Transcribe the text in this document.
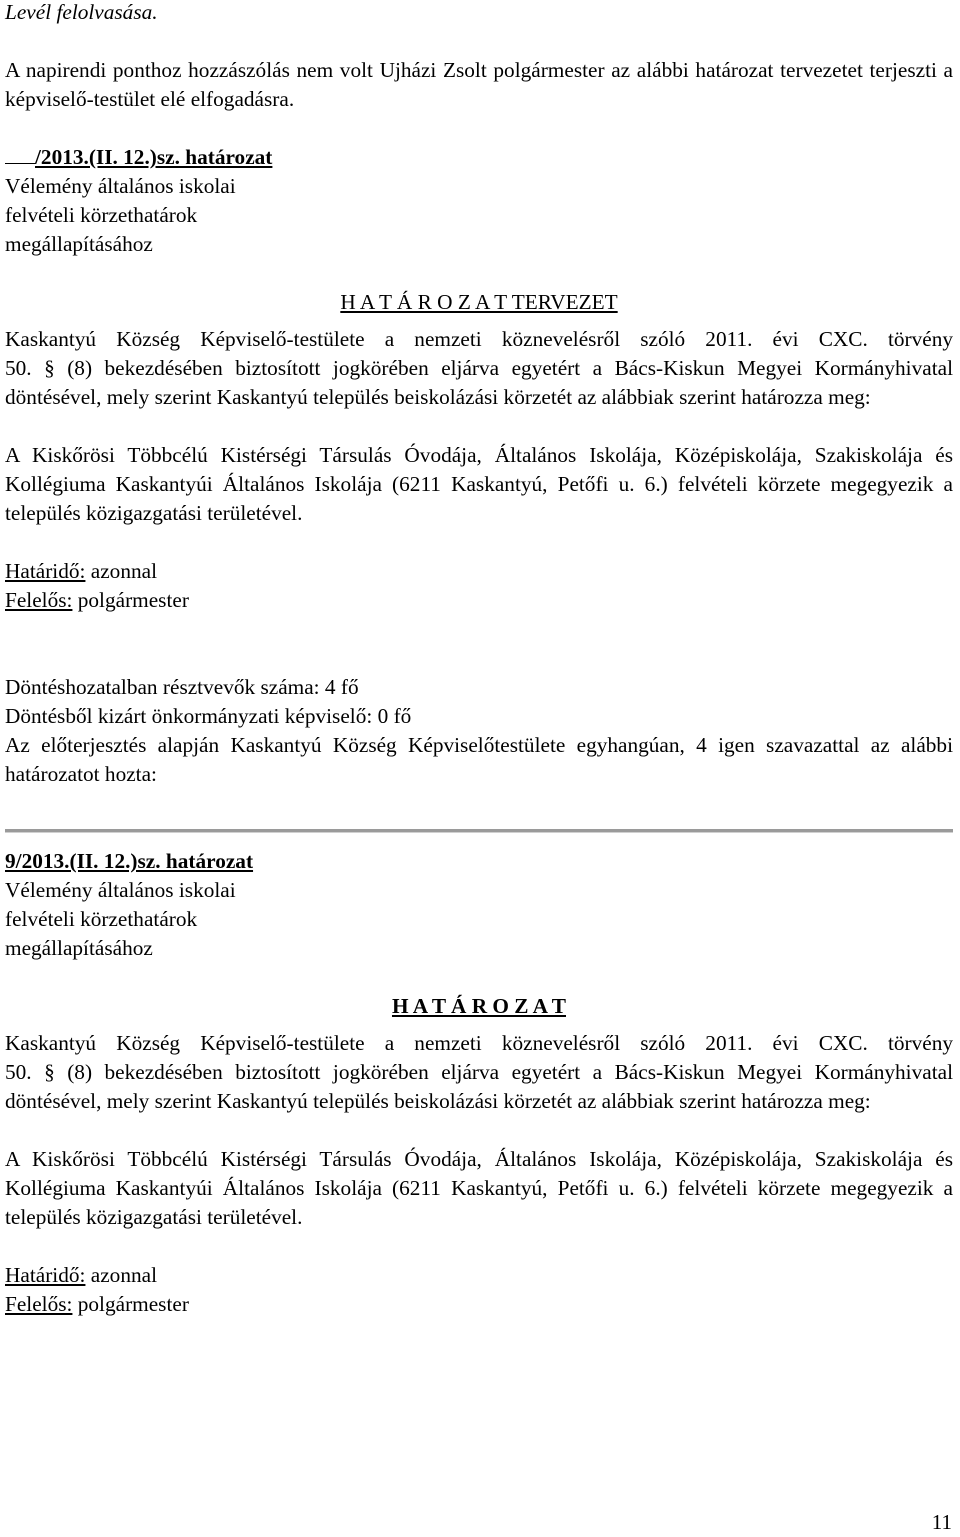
Levél felolvasása.

A napirendi ponthoz hozzászólás nem volt Ujházi Zsolt polgármester az alábbi határozat tervezetet terjeszti a képviselő-testület elé elfogadásra.

/2013.(II. 12.)sz. határozat

Vélemény általános iskolai

felvételi körzethatárok

megállapításához

H A T Á R O Z A T TERVEZET

Kaskantyú Község Képviselő-testülete a nemzeti köznevelésről szóló 2011. évi CXC. törvény

50. § (8) bekezdésében biztosított jogkörében eljárva egyetért a Bács-Kiskun Megyei Kormányhivatal döntésével, mely szerint Kaskantyú település beiskolázási körzetét az alábbiak szerint határozza meg:

A Kiskőrösi Többcélú Kistérségi Társulás Óvodája, Általános Iskolája, Középiskolája, Szakiskolája és Kollégiuma Kaskantyúi Általános Iskolája (6211 Kaskantyú, Petőfi u. 6.) felvételi körzete megegyezik a település közigazgatási területével.

Határidő: azonnal

Felelős: polgármester

Döntéshozatalban résztvevők száma: 4 fő

Döntésből kizárt önkormányzati képviselő: 0 fő

Az előterjesztés alapján Kaskantyú Község Képviselőtestülete egyhangúan, 4 igen szavazattal az alábbi határozatot hozta:

9/2013.(II. 12.)sz. határozat

Vélemény általános iskolai

felvételi körzethatárok

megállapításához

H A T Á R O Z A T

Kaskantyú Község Képviselő-testülete a nemzeti köznevelésről szóló 2011. évi CXC. törvény

50. § (8) bekezdésében biztosított jogkörében eljárva egyetért a Bács-Kiskun Megyei Kormányhivatal döntésével, mely szerint Kaskantyú település beiskolázási körzetét az alábbiak szerint határozza meg:

A Kiskőrösi Többcélú Kistérségi Társulás Óvodája, Általános Iskolája, Középiskolája, Szakiskolája és Kollégiuma Kaskantyúi Általános Iskolája (6211 Kaskantyú, Petőfi u. 6.) felvételi körzete megegyezik a település közigazgatási területével.

Határidő: azonnal

Felelős: polgármester

11
